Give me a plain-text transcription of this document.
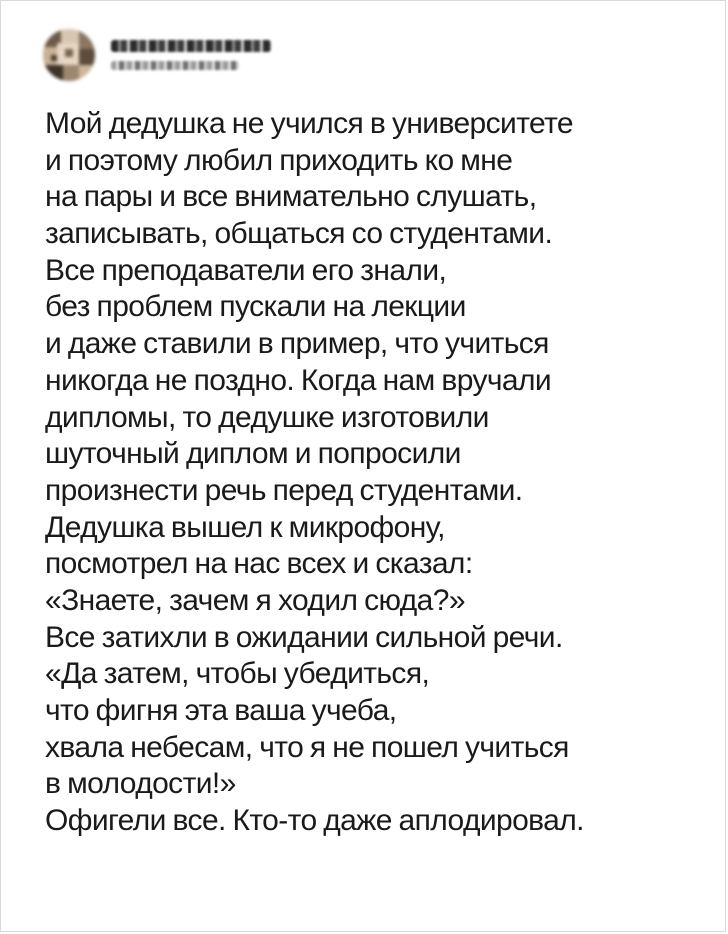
Мой дедушка не учился в университете
и поэтому любил приходить ко мне
на пары и все внимательно слушать,
записывать, общаться со студентами.
Все преподаватели его знали,
без проблем пускали на лекции
и даже ставили в пример, что учиться
никогда не поздно. Когда нам вручали
дипломы, то дедушке изготовили
шуточный диплом и попросили
произнести речь перед студентами.
Дедушка вышел к микрофону,
посмотрел на нас всех и сказал:
«Знаете, зачем я ходил сюда?»
Все затихли в ожидании сильной речи.
«Да затем, чтобы убедиться,
что фигня эта ваша учеба,
хвала небесам, что я не пошел учиться
в молодости!»
Офигели все. Кто-то даже аплодировал.
